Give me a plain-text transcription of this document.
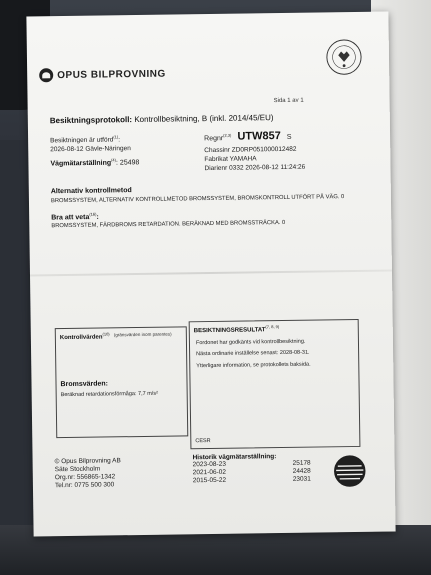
OPUS BILPROVNING
Sida 1 av 1
Besiktningsprotokoll: Kontrollbesiktning, B (inkl. 2014/45/EU)
Besiktningen är utförd$^{(1)}$:
2026-08-12 Gävle-Näringen
Vägmätarställning$^{(4)}$: 25498
Regnr$^{(2,3)}$ UTW857 S
Chassinr ZD0RP051000012482
Fabrikat YAMAHA
Diarienr 0332 2026-08-12 11:24:26
Alternativ kontrollmetod
BROMSSYSTEM, ALTERNATIV KONTROLLMETOD BROMSSYSTEM, BROMSKONTROLL UTFÖRT PÅ VÄG. 0
Bra att veta$^{(16)}$:
BROMSSYSTEM, FÄRDBROMS RETARDATION. BERÄKNAD MED BROMSSTRÄCKA. 0
Kontrollvärden$^{(10)}$ (gränsvärden inom parentes)
Bromsvärden:
Beräknad retardationsförmåga: 7,7 m/s²
BESIKTNINGSRESULTAT$^{(7, 8, 9)}$
Fordonet har godkänts vid kontrollbesiktning.
Nästa ordinarie inställelse senast: 2028-08-31.
Ytterligare information, se protokollets baksida.
CESR
© Opus Bilprovning AB
Säte Stockholm
Org.nr: 556865-1342
Tel.nr: 0775 500 300
Historik vägmätarställning:
2023-08-23	25178
2021-06-02	24428
2015-05-22	23031
